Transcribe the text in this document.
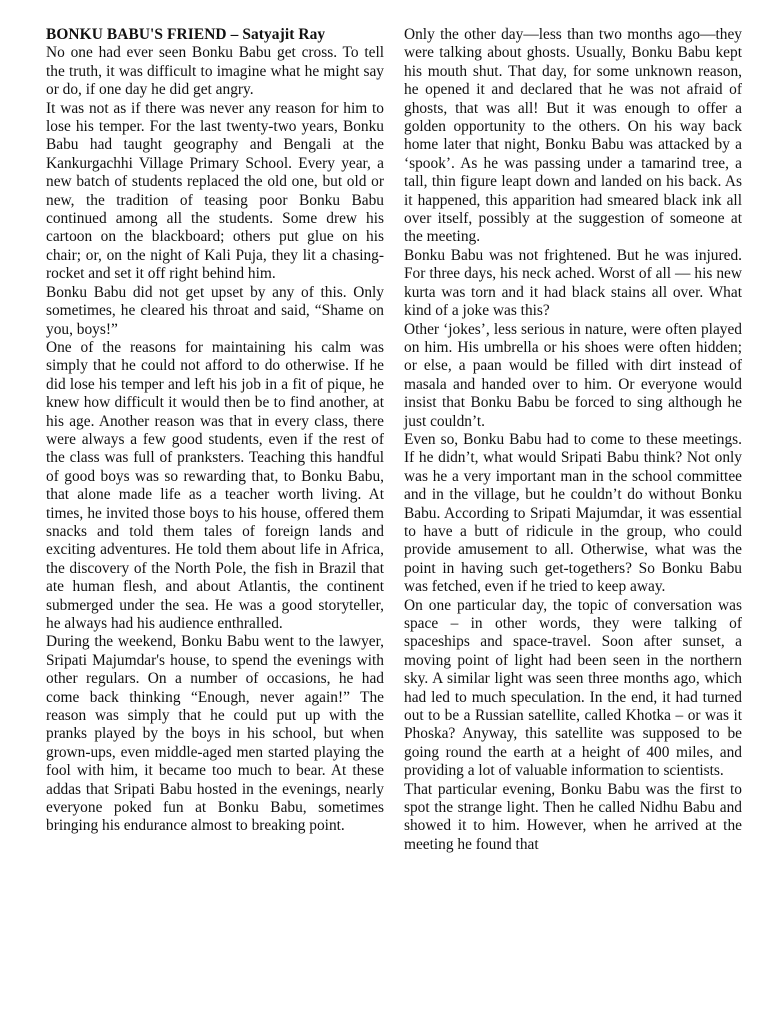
BONKU BABU'S FRIEND – Satyajit Ray

No one had ever seen Bonku Babu get cross. To tell the truth, it was difficult to imagine what he might say or do, if one day he did get angry.

It was not as if there was never any reason for him to lose his temper. For the last twenty-two years, Bonku Babu had taught geography and Bengali at the Kankurgachhi Village Primary School. Every year, a new batch of students replaced the old one, but old or new, the tradition of teasing poor Bonku Babu continued among all the students. Some drew his cartoon on the blackboard; others put glue on his chair; or, on the night of Kali Puja, they lit a chasing-rocket and set it off right behind him.

Bonku Babu did not get upset by any of this. Only sometimes, he cleared his throat and said, “Shame on you, boys!”

One of the reasons for maintaining his calm was simply that he could not afford to do otherwise. If he did lose his temper and left his job in a fit of pique, he knew how difficult it would then be to find another, at his age. Another reason was that in every class, there were always a few good students, even if the rest of the class was full of pranksters. Teaching this handful of good boys was so rewarding that, to Bonku Babu, that alone made life as a teacher worth living. At times, he invited those boys to his house, offered them snacks and told them tales of foreign lands and exciting adventures. He told them about life in Africa, the discovery of the North Pole, the fish in Brazil that ate human flesh, and about Atlantis, the continent submerged under the sea. He was a good storyteller, he always had his audience enthralled.

During the weekend, Bonku Babu went to the lawyer, Sripati Majumdar's house, to spend the evenings with other regulars. On a number of occasions, he had come back thinking “Enough, never again!” The reason was simply that he could put up with the pranks played by the boys in his school, but when grown-ups, even middle-aged men started playing the fool with him, it became too much to bear. At these addas that Sripati Babu hosted in the evenings, nearly everyone poked fun at Bonku Babu, sometimes bringing his endurance almost to breaking point.

Only the other day—less than two months ago—they were talking about ghosts. Usually, Bonku Babu kept his mouth shut. That day, for some unknown reason, he opened it and declared that he was not afraid of ghosts, that was all! But it was enough to offer a golden opportunity to the others. On his way back home later that night, Bonku Babu was attacked by a ‘spook’. As he was passing under a tamarind tree, a tall, thin figure leapt down and landed on his back. As it happened, this apparition had smeared black ink all over itself, possibly at the suggestion of someone at the meeting.

Bonku Babu was not frightened. But he was injured. For three days, his neck ached. Worst of all — his new kurta was torn and it had black stains all over. What kind of a joke was this?

Other ‘jokes’, less serious in nature, were often played on him. His umbrella or his shoes were often hidden; or else, a paan would be filled with dirt instead of masala and handed over to him. Or everyone would insist that Bonku Babu be forced to sing although he just couldn’t.

Even so, Bonku Babu had to come to these meetings. If he didn’t, what would Sripati Babu think? Not only was he a very important man in the school committee and in the village, but he couldn’t do without Bonku Babu. According to Sripati Majumdar, it was essential to have a butt of ridicule in the group, who could provide amusement to all. Otherwise, what was the point in having such get-togethers? So Bonku Babu was fetched, even if he tried to keep away.

On one particular day, the topic of conversation was space – in other words, they were talking of spaceships and space-travel. Soon after sunset, a moving point of light had been seen in the northern sky. A similar light was seen three months ago, which had led to much speculation. In the end, it had turned out to be a Russian satellite, called Khotka – or was it Phoska? Anyway, this satellite was supposed to be going round the earth at a height of 400 miles, and providing a lot of valuable information to scientists.

That particular evening, Bonku Babu was the first to spot the strange light. Then he called Nidhu Babu and showed it to him. However, when he arrived at the meeting he found that
